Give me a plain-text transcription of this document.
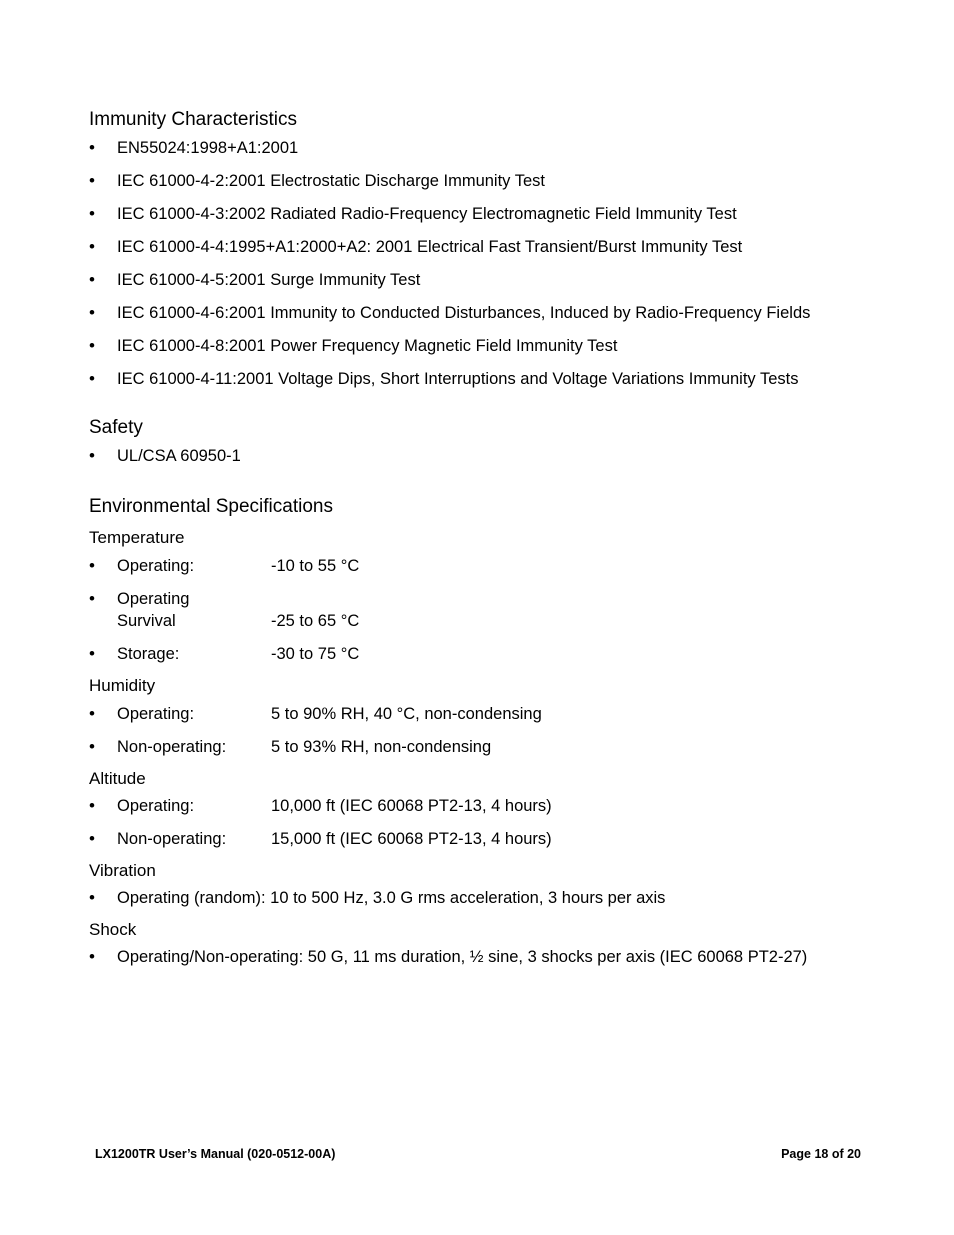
Immunity Characteristics
• EN55024:1998+A1:2001
• IEC 61000-4-2:2001 Electrostatic Discharge Immunity Test
• IEC 61000-4-3:2002 Radiated Radio-Frequency Electromagnetic Field Immunity Test
• IEC 61000-4-4:1995+A1:2000+A2: 2001 Electrical Fast Transient/Burst Immunity Test
• IEC 61000-4-5:2001 Surge Immunity Test
• IEC 61000-4-6:2001 Immunity to Conducted Disturbances, Induced by Radio-Frequency Fields
• IEC 61000-4-8:2001 Power Frequency Magnetic Field Immunity Test
• IEC 61000-4-11:2001 Voltage Dips, Short Interruptions and Voltage Variations Immunity Tests
Safety
• UL/CSA 60950-1
Environmental Specifications
Temperature
• Operating:	-10 to 55 °C
• Operating
Survival	-25 to 65 °C
• Storage:	-30 to 75 °C
Humidity
• Operating:	5 to 90% RH, 40 °C, non-condensing
• Non-operating:	5 to 93% RH, non-condensing
Altitude
• Operating:	10,000 ft (IEC 60068 PT2-13, 4 hours)
• Non-operating:	15,000 ft (IEC 60068 PT2-13, 4 hours)
Vibration
• Operating (random): 10 to 500 Hz, 3.0 G rms acceleration, 3 hours per axis
Shock
• Operating/Non-operating: 50 G, 11 ms duration, ½ sine, 3 shocks per axis (IEC 60068 PT2-27)
LX1200TR User’s Manual (020-0512-00A)	Page 18 of 20
